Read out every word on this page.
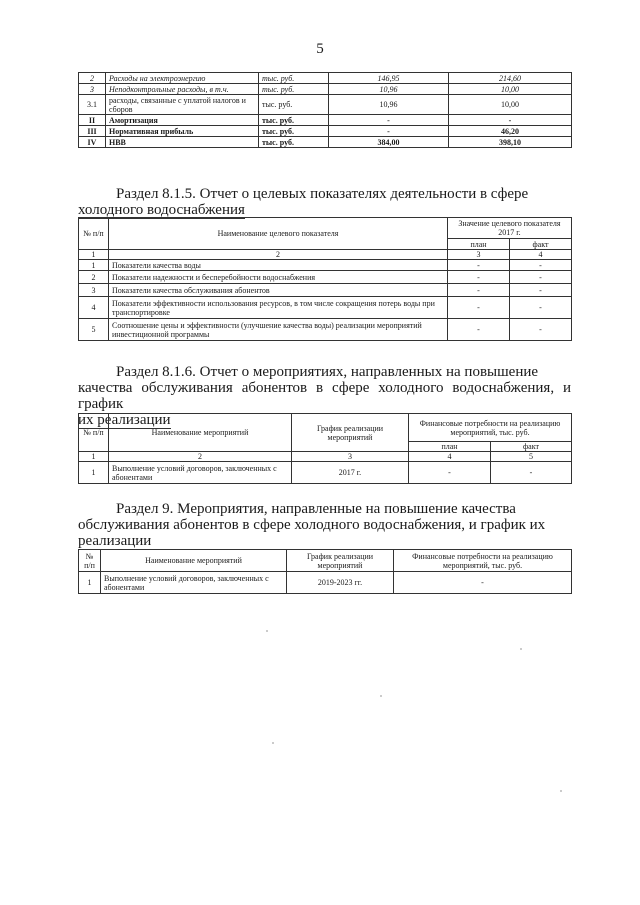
5
2	Расходы на электроэнергию	тыс. руб.	146,95	214,60
3	Неподконтрольные расходы, в т.ч.	тыс. руб.	10,96	10,00
3.1	расходы, связанные с уплатой налогов и сборов	тыс. руб.	10,96	10,00
II	Амортизация	тыс. руб.	-	-
III	Нормативная прибыль	тыс. руб.	-	46,20
IV	НВВ	тыс. руб.	384,00	398,10
Раздел 8.1.5. Отчет о целевых показателях деятельности в сфере
холодного водоснабжения
№ п/п	Наименование целевого показателя	Значение целевого показателя 2017 г.	
		план	факт
1	2	3	4
1	Показатели качества воды	-	-
2	Показатели надежности и бесперебойности водоснабжения	-	-
3	Показатели качества обслуживания абонентов	-	-
4	Показатели эффективности использования ресурсов, в том числе сокращения потерь воды при транспортировке	-	-
5	Соотношение цены и эффективности (улучшение качества воды) реализации мероприятий инвестиционной программы	-	-
Раздел 8.1.6. Отчет о мероприятиях, направленных на повышение
качества обслуживания абонентов в сфере холодного водоснабжения, и график
их реализации
№ п/п	Наименование мероприятий	График реализации мероприятий	Финансовые потребности на реализацию мероприятий, тыс. руб.	
			план	факт
1	2	3	4	5
1	Выполнение условий договоров, заключенных с абонентами	2017 г.	-	-
Раздел 9. Мероприятия, направленные на повышение качества
обслуживания абонентов в сфере холодного водоснабжения, и график их
реализации
№ п/п	Наименование мероприятий	График реализации мероприятий	Финансовые потребности на реализацию мероприятий, тыс. руб.
1	Выполнение условий договоров, заключенных с абонентами	2019-2023 гг.	-
